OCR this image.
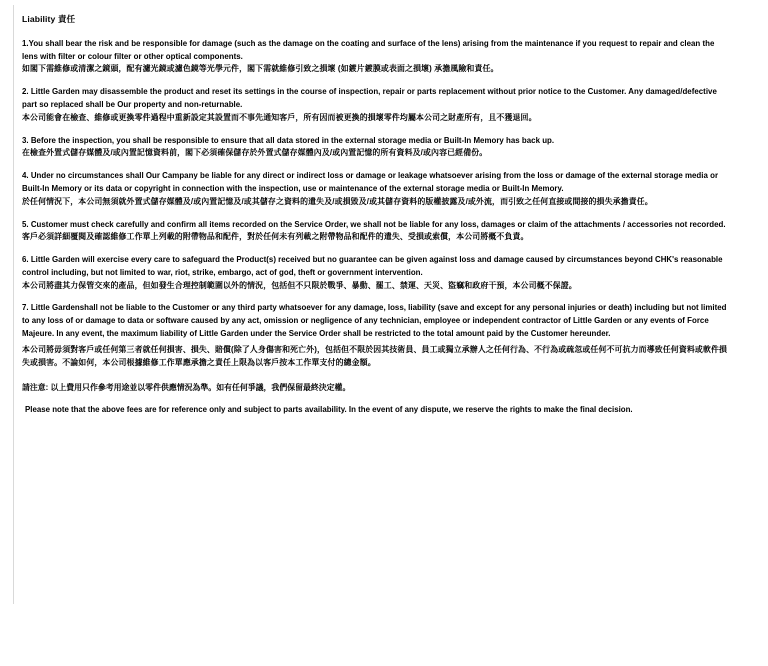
Liability 責任

1.You shall bear the risk and be responsible for damage (such as the damage on the coating and surface of the lens) arising from the maintenance if you request to repair and clean the lens with filter or colour filter or other optical components.

如閣下需維修或清潔之鏡頭，配有濾光鏡或濾色鏡等光學元件，閣下需就維修引致之損壞 (如鍍片鍍膜或表面之損壞) 承擔風險和責任。

2. Little Garden may disassemble the product and reset its settings in the course of inspection, repair or parts replacement without prior notice to the Customer. Any damaged/defective part so replaced shall be Our property and non-returnable.

本公司能會在檢查、維修或更換零件過程中重新設定其設置而不事先通知客戶，所有因而被更換的損壞零件均屬本公司之財產所有，且不獲退回。

3. Before the inspection, you shall be responsible to ensure that all data stored in the external storage media or Built-In Memory has back up.

在檢查外置式儲存媒體及/或內置記憶資料前，閣下必須確保儲存於外置式儲存媒體內及/或內置記憶的所有資料及/或內容已經備份。

4. Under no circumstances shall Our Campany be liable for any direct or indirect loss or damage or leakage whatsoever arising from the loss or damage of the external storage media or Built-In Memory or its data or copyright in connection with the inspection, use or maintenance of the external storage media or Built-In Memory.

於任何情況下，本公司無須就外置式儲存媒體及/或內置記憶及/或其儲存之資料的遺失及/或損毀及/或其儲存資料的版權披露及/或外流，而引致之任何直接或間接的損失承擔責任。

5. Customer must check carefully and confirm all items recorded on the Service Order, we shall not be liable for any loss, damages or claim of the attachments / accessories not recorded.

客戶必須詳細覆閱及確認維修工作單上列載的附帶物品和配件，對於任何未有列載之附帶物品和配件的遺失、受損或索償，本公司將概不負責。

6. Little Garden will exercise every care to safeguard the Product(s) received but no guarantee can be given against loss and damage caused by circumstances beyond CHK's reasonable control including, but not limited to war, riot, strike, embargo, act of god, theft or government intervention.

本公司將盡其力保管交來的產品，但如發生合理控制範圍以外的情況，包括但不只限於戰爭、暴動、罷工、禁運、天災、盜竊和政府干預，本公司概不保證。

7. Little Gardenshall not be liable to the Customer or any third party whatsoever for any damage, loss, liability (save and except for any personal injuries or death) including but not limited to any loss of or damage to data or software caused by any act, omission or negligence of any technician, employee or independent contractor of Little Garden or any events of Force Majeure. In any event, the maximum liability of Little Garden under the Service Order shall be restricted to the total amount paid by the Customer hereunder.

本公司將毋須對客戶或任何第三者就任何損害、損失、賠償(除了人身傷害和死亡外)，包括但不限於因其技術員、員工或獨立承辦人之任何行為、不行為或疏忽或任何不可抗力而導致任何資料或軟件損失或損害。不論如何，本公司根據維修工作單應承擔之責任上限為以客戶按本工作單支付的總金額。

請注意: 以上費用只作參考用途並以零件供應情況為準。如有任何爭議，我們保留最終決定權。

Please note that the above fees are for reference only and subject to parts availability. In the event of any dispute, we reserve the rights to make the final decision.
